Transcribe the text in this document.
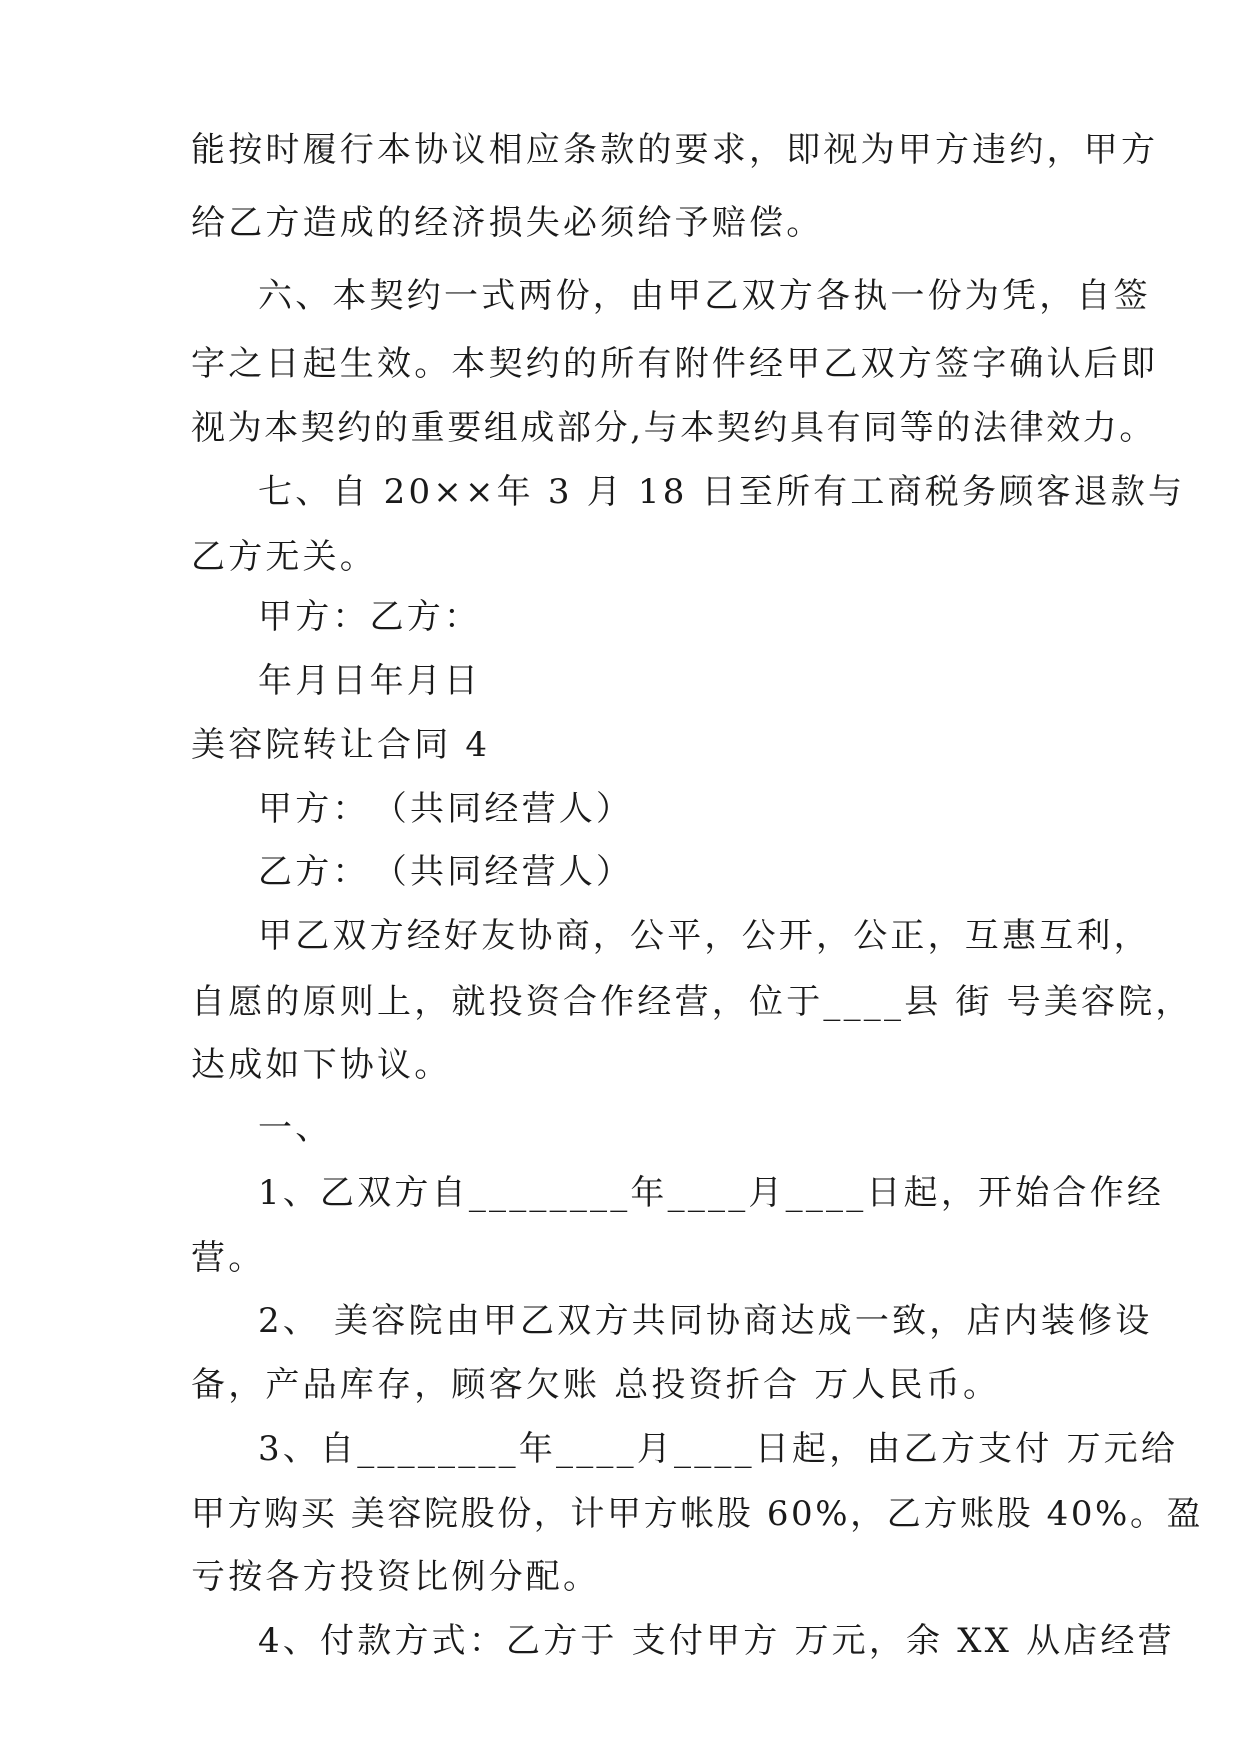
能按时履行本协议相应条款的要求，即视为甲方违约，甲方
给乙方造成的经济损失必须给予赔偿。
六、本契约一式两份，由甲乙双方各执一份为凭，自签
字之日起生效。本契约的所有附件经甲乙双方签字确认后即
视为本契约的重要组成部分,与本契约具有同等的法律效力。
七、自 20××年 3 月 18 日至所有工商税务顾客退款与
乙方无关。
甲方：乙方：
年月日年月日
美容院转让合同 4
甲方：　（共同经营人）
乙方：　（共同经营人）
甲乙双方经好友协商，公平，公开，公正，互惠互利，
自愿的原则上，就投资合作经营，位于____县 街 号美容院，
达成如下协议。
一、
1、乙双方自________年____月____日起，开始合作经
营。
2、 美容院由甲乙双方共同协商达成一致，店内装修设
备，产品库存，顾客欠账 总投资折合 万人民币。
3、自________年____月____日起，由乙方支付 万元给
甲方购买 美容院股份，计甲方帐股 60%，乙方账股 40%。盈
亏按各方投资比例分配。
4、付款方式：乙方于 支付甲方 万元，余 XX 从店经营
